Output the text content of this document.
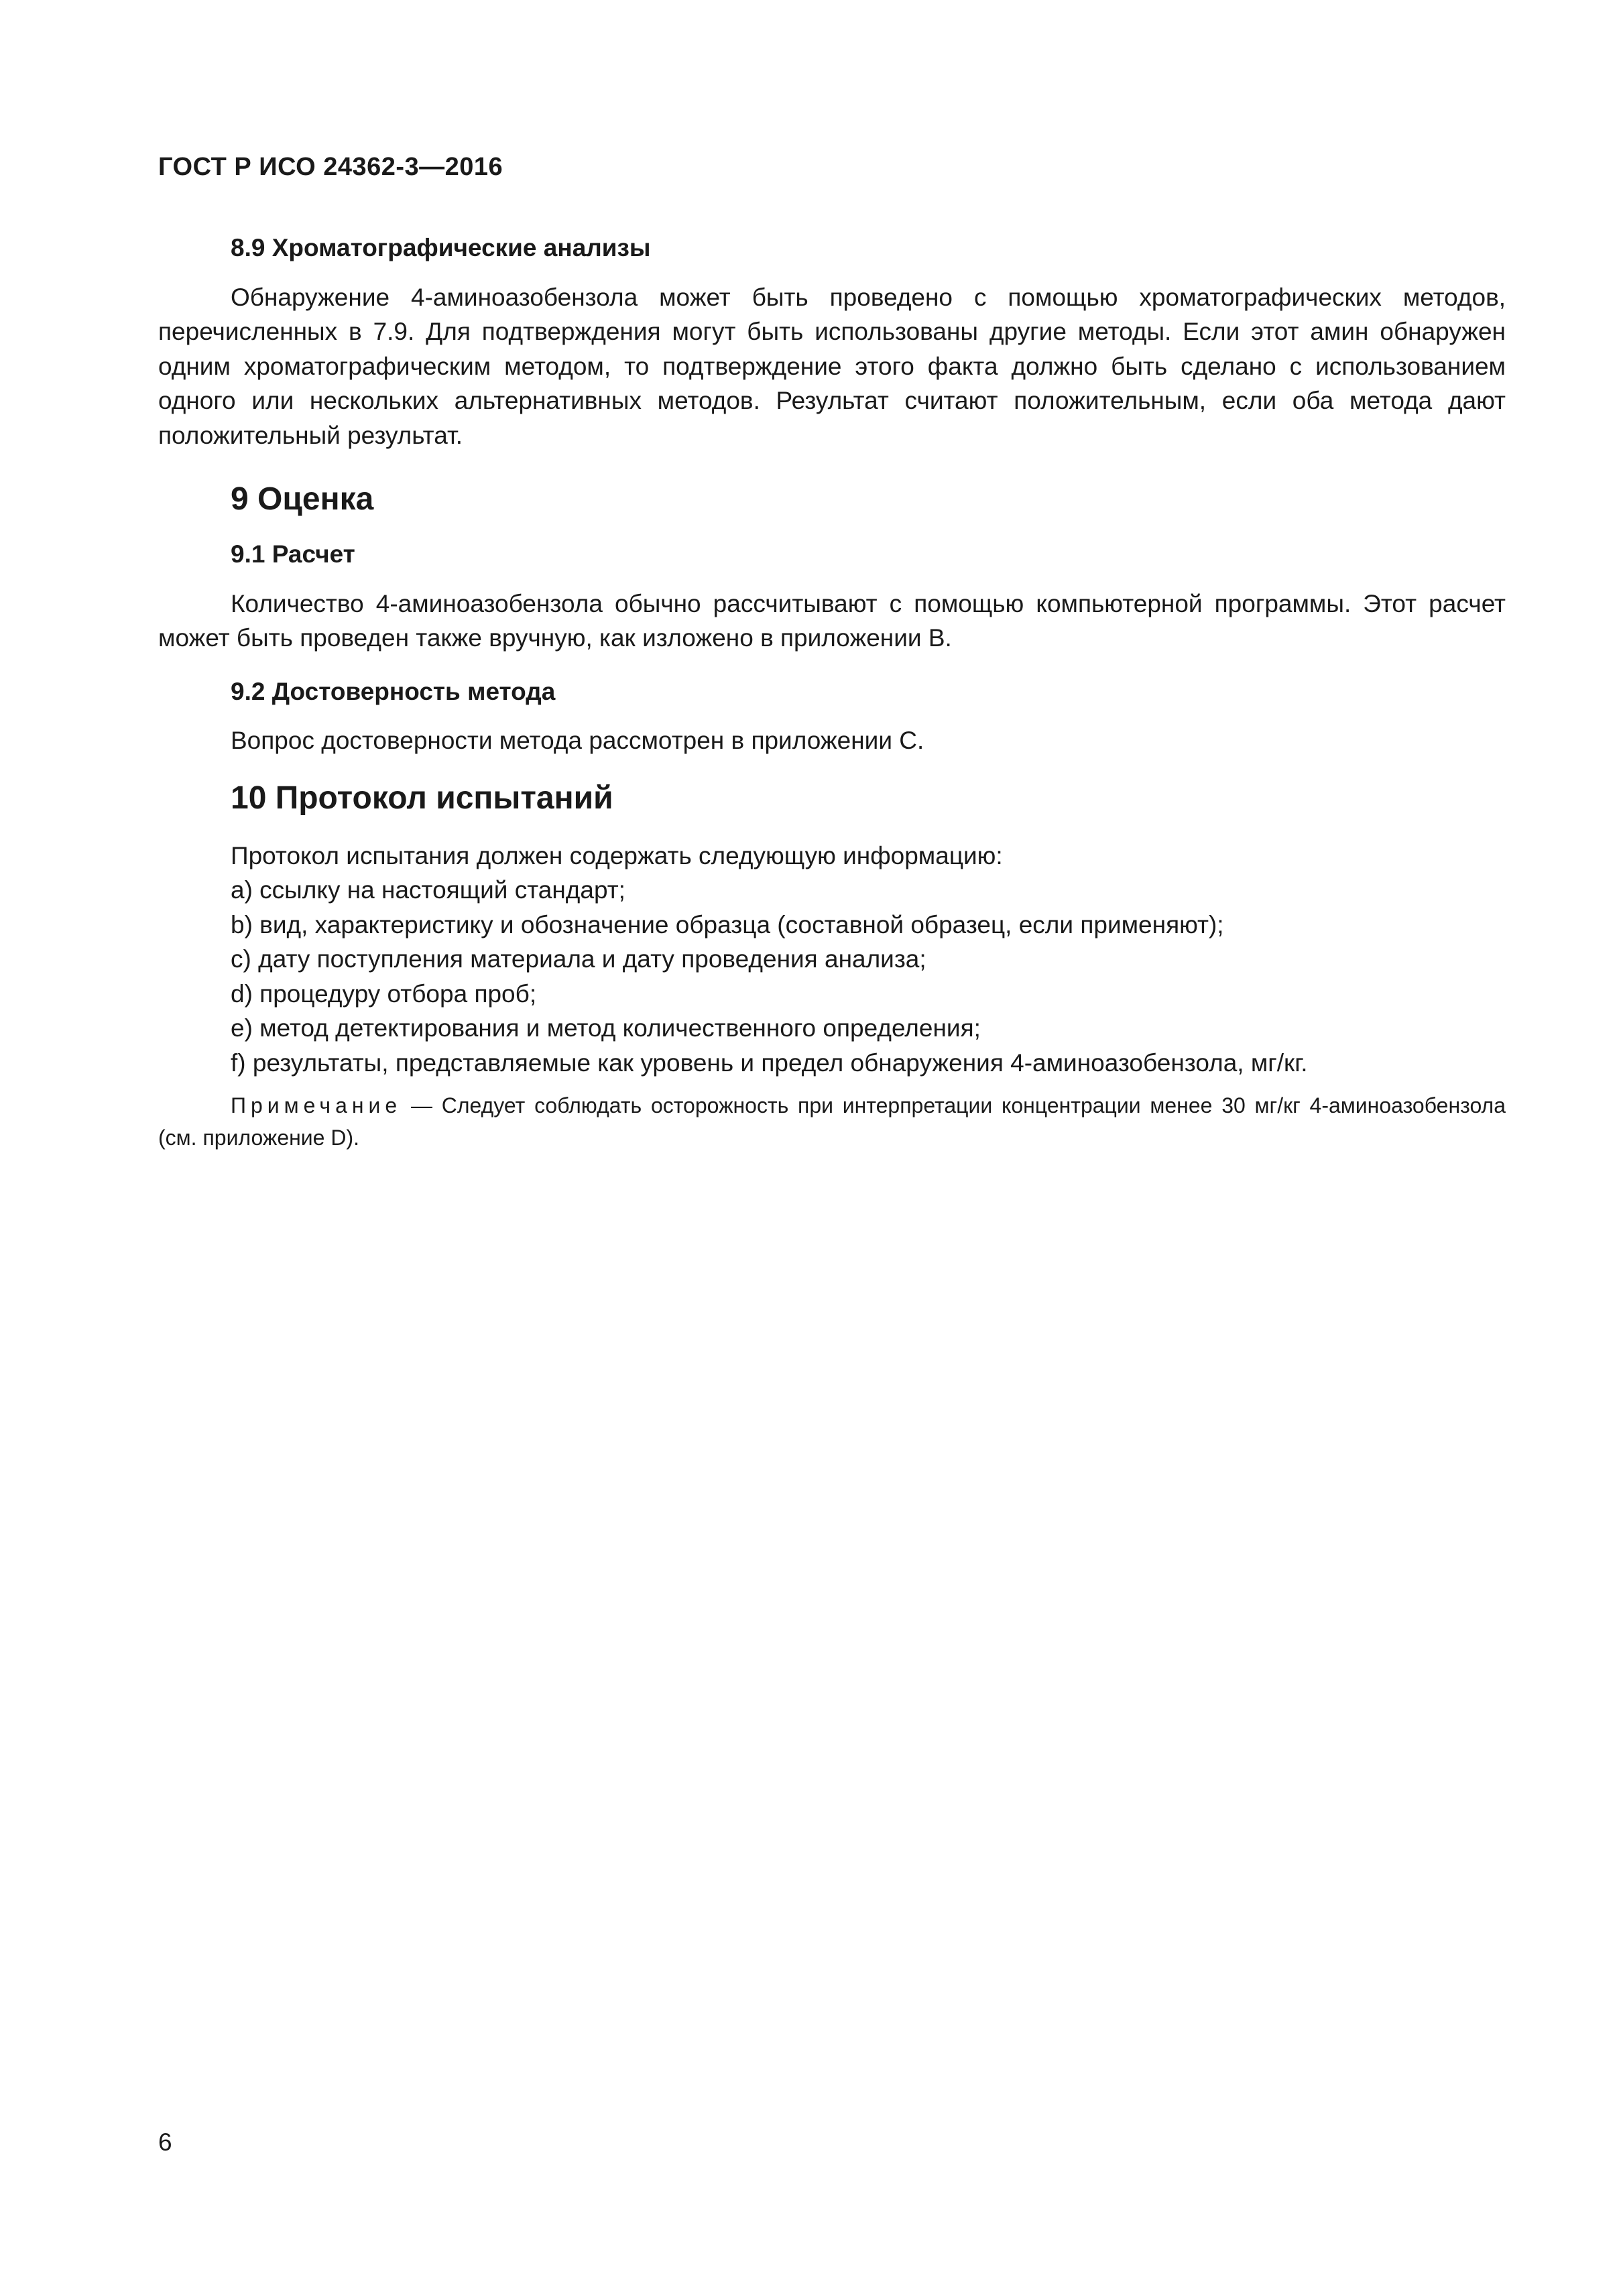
ГОСТ Р ИСО 24362-3—2016
8.9 Хроматографические анализы

Обнаружение 4-аминоазобензола может быть проведено с помощью хроматографических методов, перечисленных в 7.9. Для подтверждения могут быть использованы другие методы. Если этот амин обнаружен одним хроматографическим методом, то подтверждение этого факта должно быть сделано с использованием одного или нескольких альтернативных методов. Результат считают положительным, если оба метода дают положительный результат.

9 Оценка
9.1 Расчет

Количество 4-аминоазобензола обычно рассчитывают с помощью компьютерной программы. Этот расчет может быть проведен также вручную, как изложено в приложении В.

9.2 Достоверность метода

Вопрос достоверности метода рассмотрен в приложении С.

10 Протокол испытаний

Протокол испытания должен содержать следующую информацию:

a) ссылку на настоящий стандарт;
b) вид, характеристику и обозначение образца (составной образец, если применяют);
c) дату поступления материала и дату проведения анализа;
d) процедуру отбора проб;
e) метод детектирования и метод количественного определения;
f) результаты, представляемые как уровень и предел обнаружения 4-аминоазобензола, мг/кг.

Примечание — Следует соблюдать осторожность при интерпретации концентрации менее 30 мг/кг 4-аминоазобензола (см. приложение D).

6
